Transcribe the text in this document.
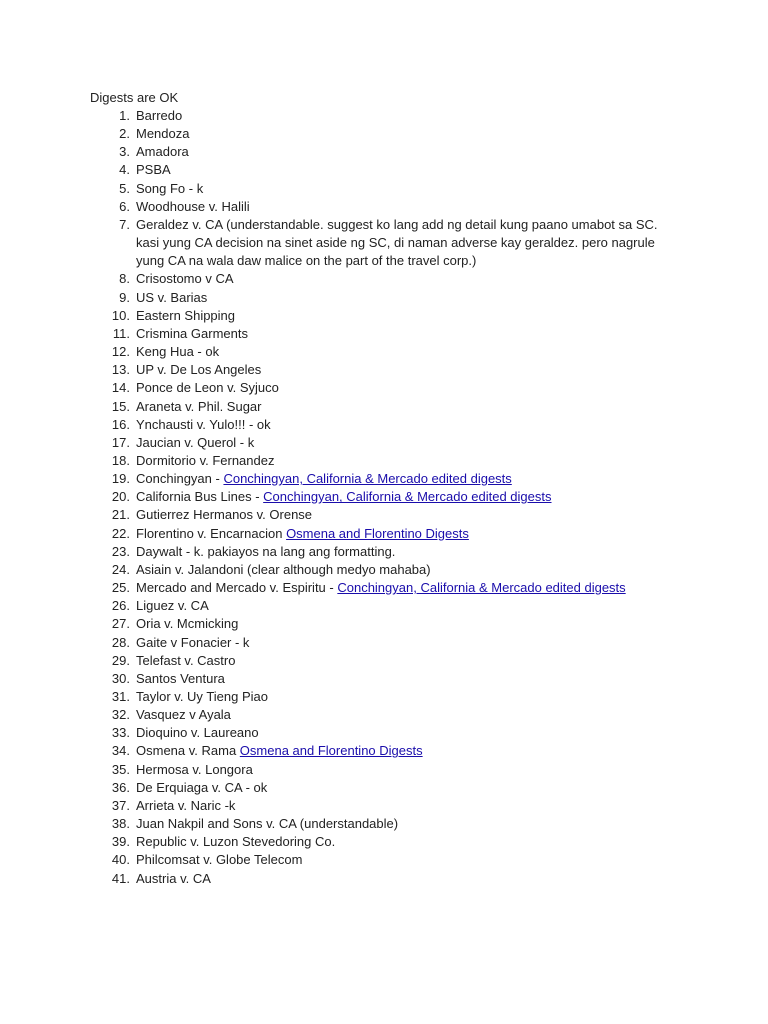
Digests are OK

1. Barredo
2. Mendoza
3. Amadora
4. PSBA
5. Song Fo - k
6. Woodhouse v. Halili
7. Geraldez v. CA (understandable. suggest ko lang add ng detail kung paano umabot sa SC. kasi yung CA decision na sinet aside ng SC, di naman adverse kay geraldez. pero nagrule yung CA na wala daw malice on the part of the travel corp.)
8. Crisostomo v CA
9. US v. Barias
10. Eastern Shipping
11. Crismina Garments
12. Keng Hua - ok
13. UP v. De Los Angeles
14. Ponce de Leon v. Syjuco
15. Araneta v. Phil. Sugar
16. Ynchausti v. Yulo!!! - ok
17. Jaucian v. Querol - k
18. Dormitorio v. Fernandez
19. Conchingyan - Conchingyan, California & Mercado edited digests
20. California Bus Lines - Conchingyan, California & Mercado edited digests
21. Gutierrez Hermanos v. Orense
22. Florentino v. Encarnacion Osmena and Florentino Digests
23. Daywalt - k. pakiayos na lang ang formatting.
24. Asiain v. Jalandoni (clear although medyo mahaba)
25. Mercado and Mercado v. Espiritu - Conchingyan, California & Mercado edited digests
26. Liguez v. CA
27. Oria v. Mcmicking
28. Gaite v Fonacier - k
29. Telefast v. Castro
30. Santos Ventura
31. Taylor v. Uy Tieng Piao
32. Vasquez v Ayala
33. Dioquino v. Laureano
34. Osmena v. Rama Osmena and Florentino Digests
35. Hermosa v. Longora
36. De Erquiaga v. CA - ok
37. Arrieta v. Naric -k
38. Juan Nakpil and Sons v. CA (understandable)
39. Republic v. Luzon Stevedoring Co.
40. Philcomsat v. Globe Telecom
41. Austria v. CA
